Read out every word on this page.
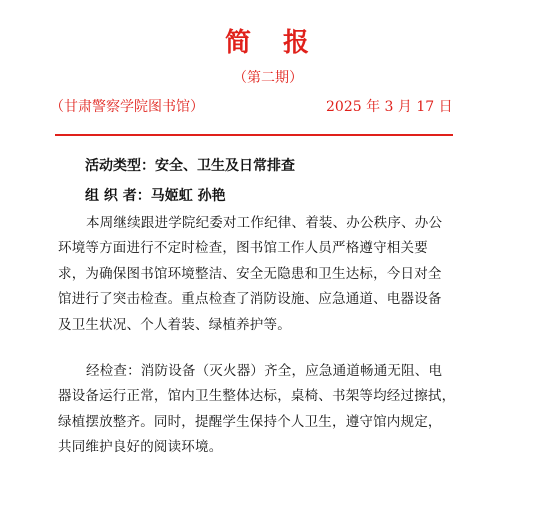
简 报
（第二期）
（甘肃警察学院图书馆）	2025 年 3 月 17 日
活动类型：安全、卫生及日常排查
组 织 者：马姬虹 孙艳
本周继续跟进学院纪委对工作纪律、着装、办公秩序、办公
环境等方面进行不定时检查，图书馆工作人员严格遵守相关要
求，为确保图书馆环境整洁、安全无隐患和卫生达标，今日对全
馆进行了突击检查。重点检查了消防设施、应急通道、电器设备
及卫生状况、个人着装、绿植养护等。
经检查：消防设备（灭火器）齐全，应急通道畅通无阻、电
器设备运行正常，馆内卫生整体达标，桌椅、书架等均经过擦拭，
绿植摆放整齐。同时，提醒学生保持个人卫生，遵守馆内规定，
共同维护良好的阅读环境。
